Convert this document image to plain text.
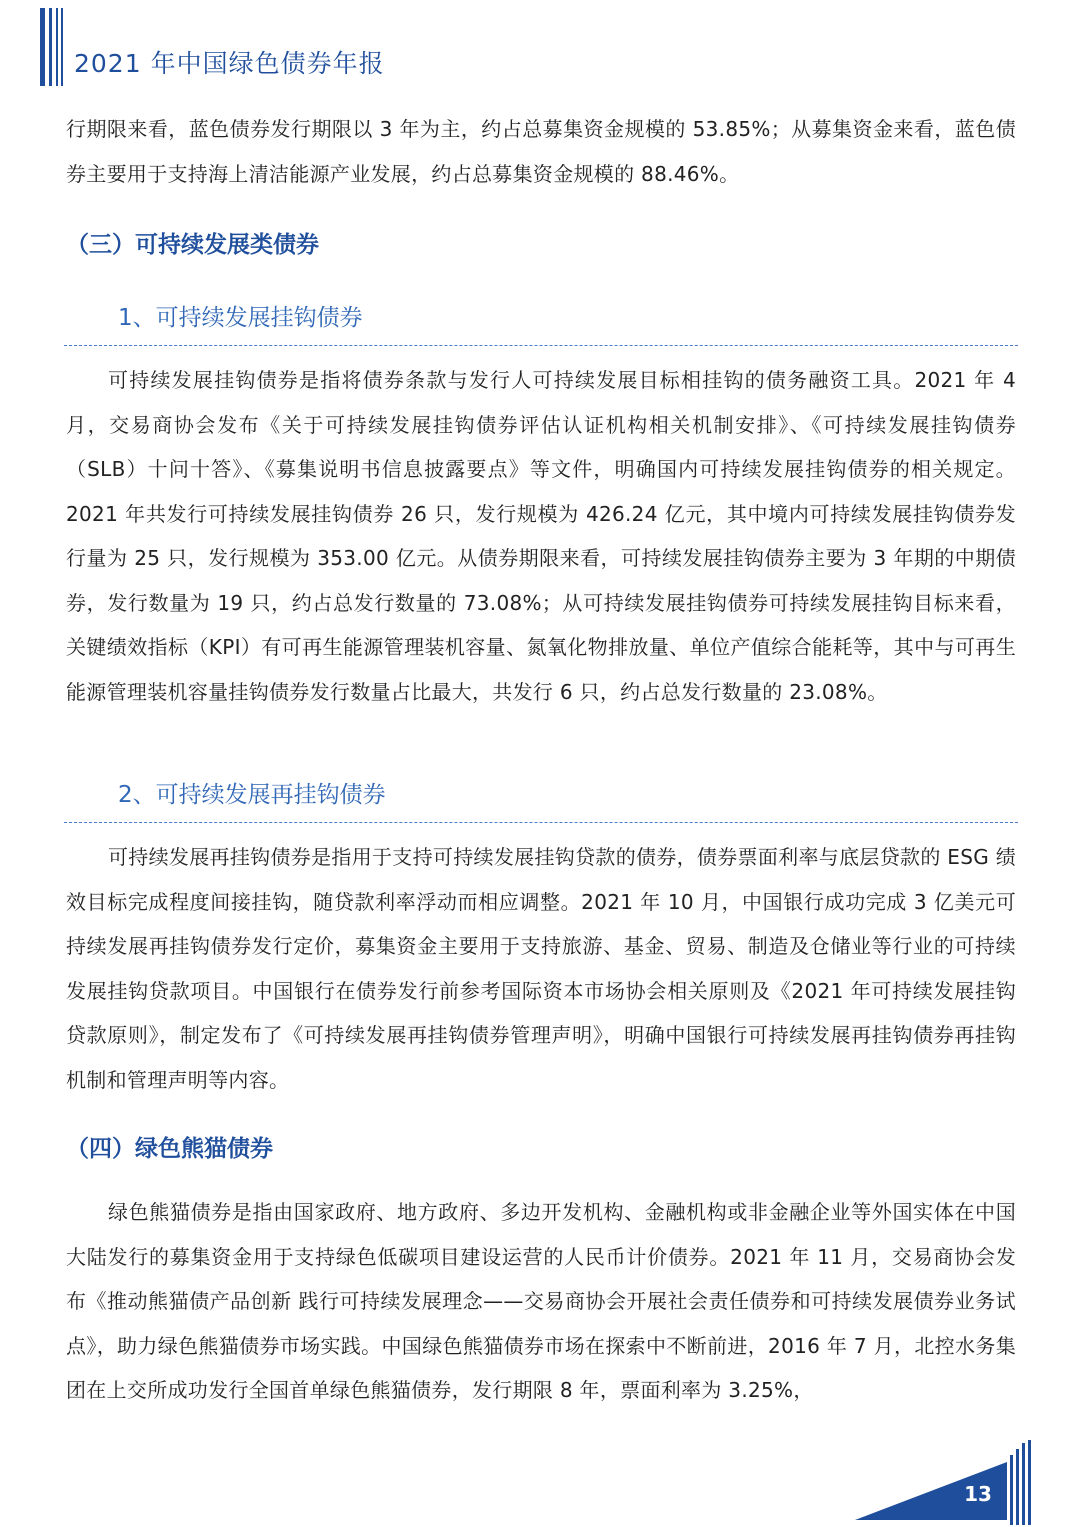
2021 年中国绿色债券年报

行期限来看，蓝色债券发行期限以 3 年为主，约占总募集资金规模的 53.85%；从募集资金来看，蓝色债券主要用于支持海上清洁能源产业发展，约占总募集资金规模的 88.46%。

（三）可持续发展类债券
1、可持续发展挂钩债券

可持续发展挂钩债券是指将债券条款与发行人可持续发展目标相挂钩的债务融资工具。2021 年 4 月，交易商协会发布《关于可持续发展挂钩债券评估认证机构相关机制安排》、《可持续发展挂钩债券（SLB）十问十答》、《募集说明书信息披露要点》等文件，明确国内可持续发展挂钩债券的相关规定。2021 年共发行可持续发展挂钩债券 26 只，发行规模为 426.24 亿元，其中境内可持续发展挂钩债券发行量为 25 只，发行规模为 353.00 亿元。从债券期限来看，可持续发展挂钩债券主要为 3 年期的中期债券，发行数量为 19 只，约占总发行数量的 73.08%；从可持续发展挂钩债券可持续发展挂钩目标来看，关键绩效指标（KPI）有可再生能源管理装机容量、氮氧化物排放量、单位产值综合能耗等，其中与可再生能源管理装机容量挂钩债券发行数量占比最大，共发行 6 只，约占总发行数量的 23.08%。

2、可持续发展再挂钩债券

可持续发展再挂钩债券是指用于支持可持续发展挂钩贷款的债券，债券票面利率与底层贷款的 ESG 绩效目标完成程度间接挂钩，随贷款利率浮动而相应调整。2021 年 10 月，中国银行成功完成 3 亿美元可持续发展再挂钩债券发行定价，募集资金主要用于支持旅游、基金、贸易、制造及仓储业等行业的可持续发展挂钩贷款项目。中国银行在债券发行前参考国际资本市场协会相关原则及《2021 年可持续发展挂钩贷款原则》，制定发布了《可持续发展再挂钩债券管理声明》，明确中国银行可持续发展再挂钩债券再挂钩机制和管理声明等内容。

（四）绿色熊猫债券

绿色熊猫债券是指由国家政府、地方政府、多边开发机构、金融机构或非金融企业等外国实体在中国大陆发行的募集资金用于支持绿色低碳项目建设运营的人民币计价债券。2021 年 11 月，交易商协会发布《推动熊猫债产品创新 践行可持续发展理念——交易商协会开展社会责任债券和可持续发展债券业务试点》，助力绿色熊猫债券市场实践。中国绿色熊猫债券市场在探索中不断前进，2016 年 7 月，北控水务集团在上交所成功发行全国首单绿色熊猫债券，发行期限 8 年，票面利率为 3.25%，

13
